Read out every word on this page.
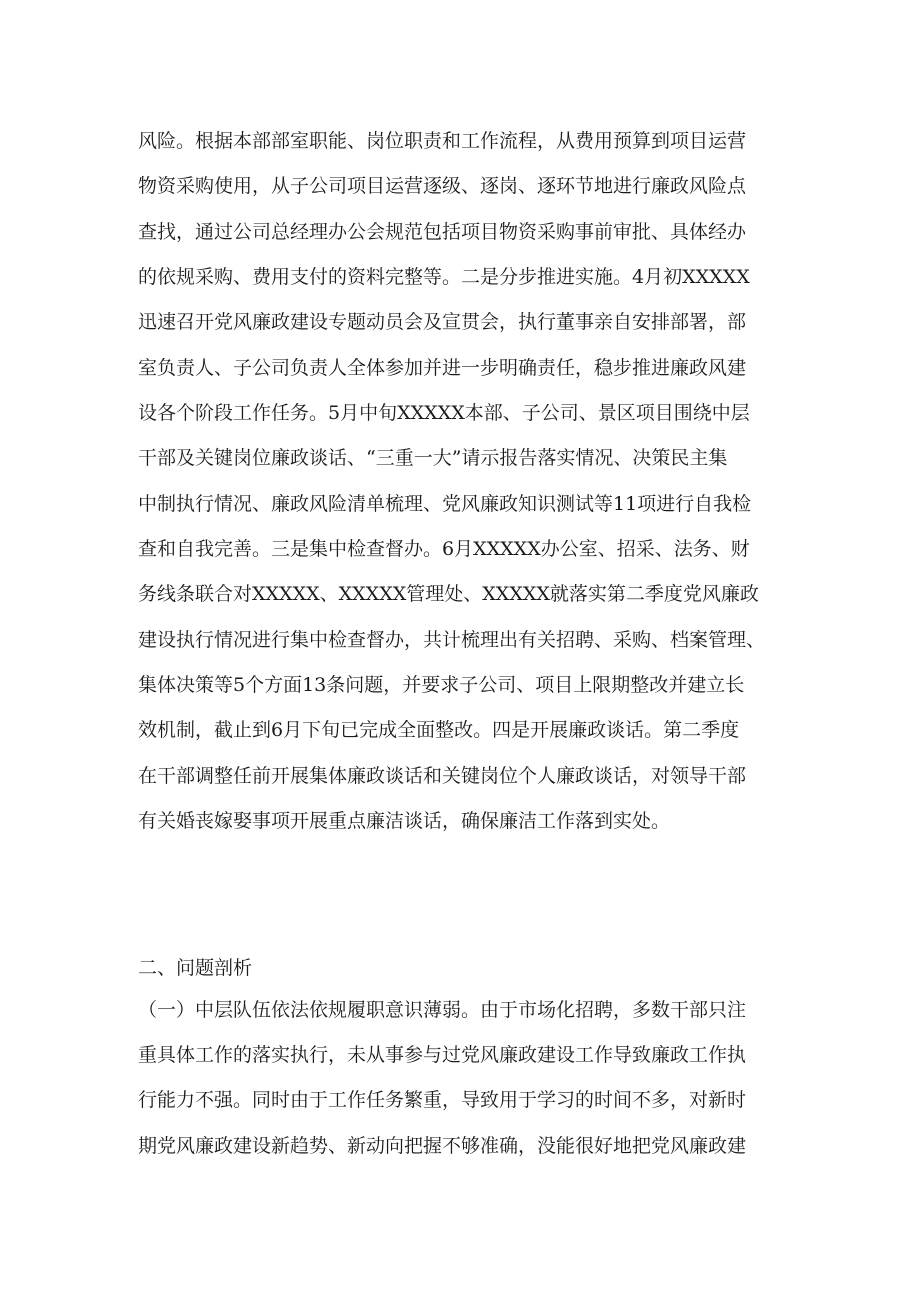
风险。根据本部部室职能、岗位职责和工作流程，从费用预算到项目运营

物资采购使用，从子公司项目运营逐级、逐岗、逐环节地进行廉政风险点

查找，通过公司总经理办公会规范包括项目物资采购事前审批、具体经办

的依规采购、费用支付的资料完整等。二是分步推进实施。4月初XXXXX

迅速召开党风廉政建设专题动员会及宣贯会，执行董事亲自安排部署，部

室负责人、子公司负责人全体参加并进一步明确责任，稳步推进廉政风建

设各个阶段工作任务。5月中旬XXXXX本部、子公司、景区项目围绕中层

干部及关键岗位廉政谈话、“三重一大”请示报告落实情况、决策民主集

中制执行情况、廉政风险清单梳理、党风廉政知识测试等11项进行自我检

查和自我完善。三是集中检查督办。6月XXXXX办公室、招采、法务、财

务线条联合对XXXXX、XXXXX管理处、XXXXX就落实第二季度党风廉政

建设执行情况进行集中检查督办，共计梳理出有关招聘、采购、档案管理、

集体决策等5个方面13条问题，并要求子公司、项目上限期整改并建立长

效机制，截止到6月下旬已完成全面整改。四是开展廉政谈话。第二季度

在干部调整任前开展集体廉政谈话和关键岗位个人廉政谈话，对领导干部

有关婚丧嫁娶事项开展重点廉洁谈话，确保廉洁工作落到实处。

二、问题剖析

（一）中层队伍依法依规履职意识薄弱。由于市场化招聘，多数干部只注

重具体工作的落实执行，未从事参与过党风廉政建设工作导致廉政工作执

行能力不强。同时由于工作任务繁重，导致用于学习的时间不多，对新时

期党风廉政建设新趋势、新动向把握不够准确，没能很好地把党风廉政建
